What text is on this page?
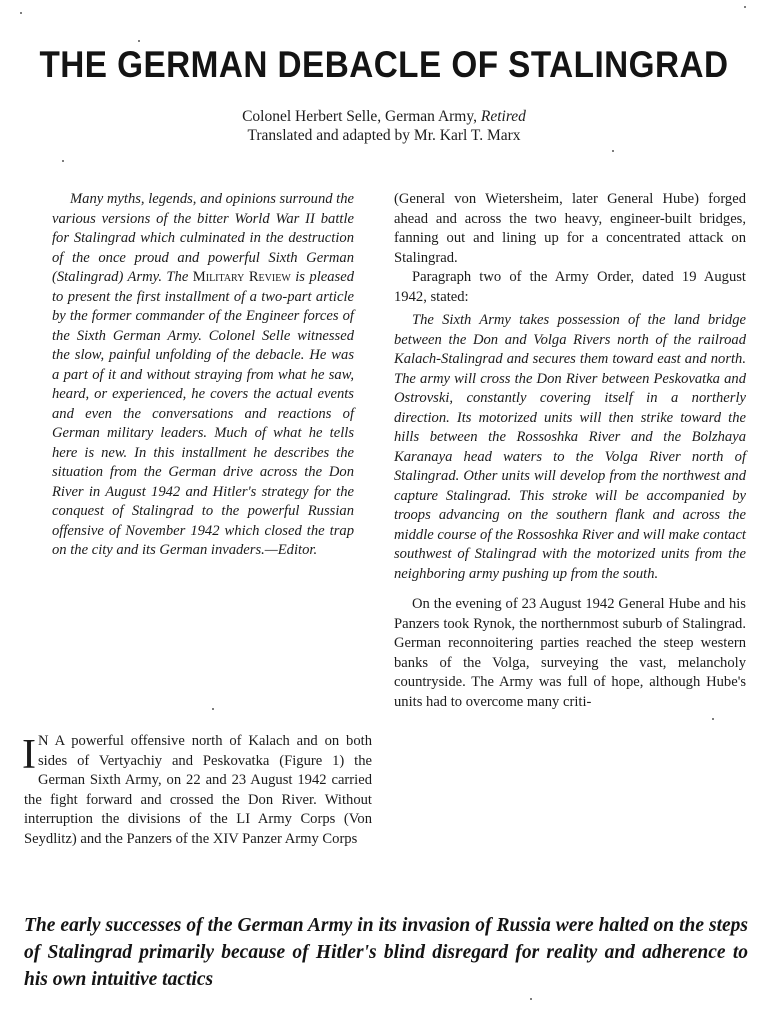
THE GERMAN DEBACLE OF STALINGRAD
Colonel Herbert Selle, German Army, Retired
Translated and adapted by Mr. Karl T. Marx

Many myths, legends, and opinions surround the various versions of the bitter World War II battle for Stalingrad which culminated in the destruction of the once proud and powerful Sixth German (Stalingrad) Army. The Military Review is pleased to present the first installment of a two-part article by the former commander of the Engineer forces of the Sixth German Army. Colonel Selle witnessed the slow, painful unfolding of the debacle. He was a part of it and without straying from what he saw, heard, or experienced, he covers the actual events and even the conversations and reactions of German military leaders. Much of what he tells here is new. In this installment he describes the situation from the German drive across the Don River in August 1942 and Hitler's strategy for the conquest of Stalingrad to the powerful Russian offensive of November 1942 which closed the trap on the city and its German invaders.—Editor.

I N A powerful offensive north of Kalach and on both sides of Vertyachiy and Peskovatka (Figure 1) the German Sixth Army, on 22 and 23 August 1942 carried the fight forward and crossed the Don River. Without interruption the divisions of the LI Army Corps (Von Seydlitz) and the Panzers of the XIV Panzer Army Corps

(General von Wietersheim, later General Hube) forged ahead and across the two heavy, engineer-built bridges, fanning out and lining up for a concentrated attack on Stalingrad.

Paragraph two of the Army Order, dated 19 August 1942, stated:

The Sixth Army takes possession of the land bridge between the Don and Volga Rivers north of the railroad Kalach-Stalingrad and secures them toward east and north. The army will cross the Don River between Peskovatka and Ostrovski, constantly covering itself in a northerly direction. Its motorized units will then strike toward the hills between the Rossoshka River and the Bolzhaya Karanaya head waters to the Volga River north of Stalingrad. Other units will develop from the northwest and capture Stalingrad. This stroke will be accompanied by troops advancing on the southern flank and across the middle course of the Rossoshka River and will make contact southwest of Stalingrad with the motorized units from the neighboring army pushing up from the south.

On the evening of 23 August 1942 General Hube and his Panzers took Rynok, the northernmost suburb of Stalingrad. German reconnoitering parties reached the steep western banks of the Volga, surveying the vast, melancholy countryside. The Army was full of hope, although Hube's units had to overcome many criti-

The early successes of the German Army in its invasion of Russia were halted on the steps of Stalingrad primarily because of Hitler's blind disregard for reality and adherence to his own intuitive tactics
